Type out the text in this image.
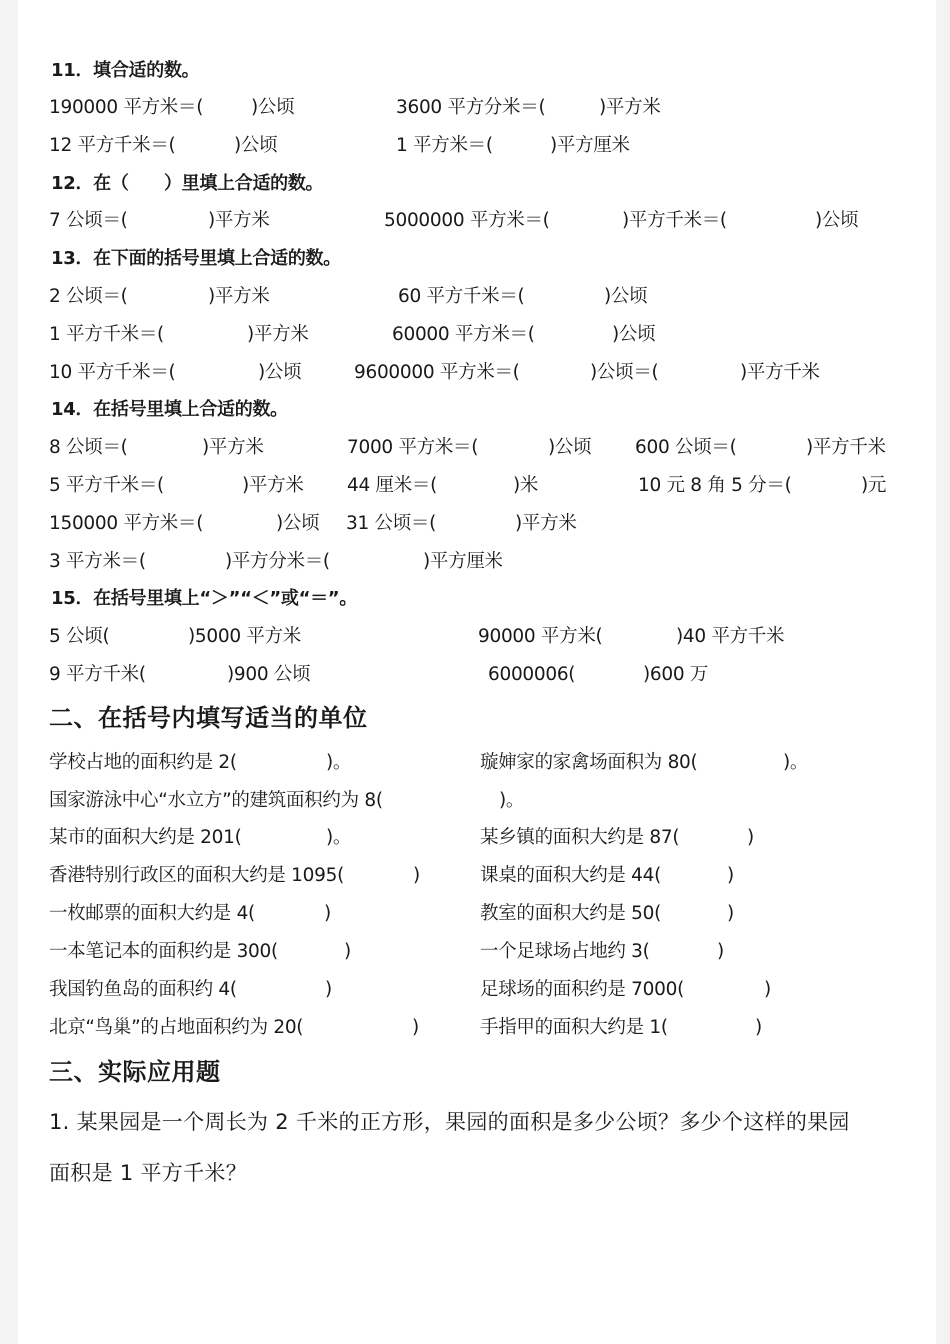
11．填合适的数。
190000 平方米＝(	)公顷	3600 平方分米＝(	)平方米
12 平方千米＝(	)公顷	1 平方米＝(	)平方厘米
12．在（　　）里填上合适的数。
7 公顷＝(	)平方米	5000000 平方米＝(	)平方千米＝(	)公顷
13．在下面的括号里填上合适的数。
2 公顷＝(	)平方米	60 平方千米＝(	)公顷
1 平方千米＝(	)平方米	60000 平方米＝(	)公顷
10 平方千米＝(	)公顷	9600000 平方米＝(	)公顷＝(	)平方千米
14．在括号里填上合适的数。
8 公顷＝(	)平方米	7000 平方米＝(	)公顷 600 公顷＝(	)平方千米
5 平方千米＝(	)平方米 44 厘米＝(	)米	10 元 8 角 5 分＝(	)元
150000 平方米＝(	)公顷 31 公顷＝(	)平方米
3 平方米＝(	)平方分米＝(	)平方厘米
15．在括号里填上“＞”“＜”或“＝”。
5 公顷(	)5000 平方米	90000 平方米(	)40 平方千米
9 平方千米(	)900 公顷	6000006(	)600 万
二、在括号内填写适当的单位
学校占地的面积约是 2(	)。	璇婶家的家禽场面积为 80(	)。
国家游泳中心“水立方”的建筑面积约为 8(	)。
某市的面积大约是 201(	)。	某乡镇的面积大约是 87(	)
香港特别行政区的面积大约是 1095(	)	课桌的面积大约是 44(	)
一枚邮票的面积大约是 4(	)	教室的面积大约是 50(	)
一本笔记本的面积约是 300(	)	一个足球场占地约 3(	)
我国钓鱼岛的面积约 4(	)	足球场的面积约是 7000(	)
北京“鸟巢”的占地面积约为 20(	)	手指甲的面积大约是 1(	)
三、实际应用题
1. 某果园是一个周长为 2 千米的正方形，果园的面积是多少公顷？多少个这样的果园
面积是 1 平方千米？
